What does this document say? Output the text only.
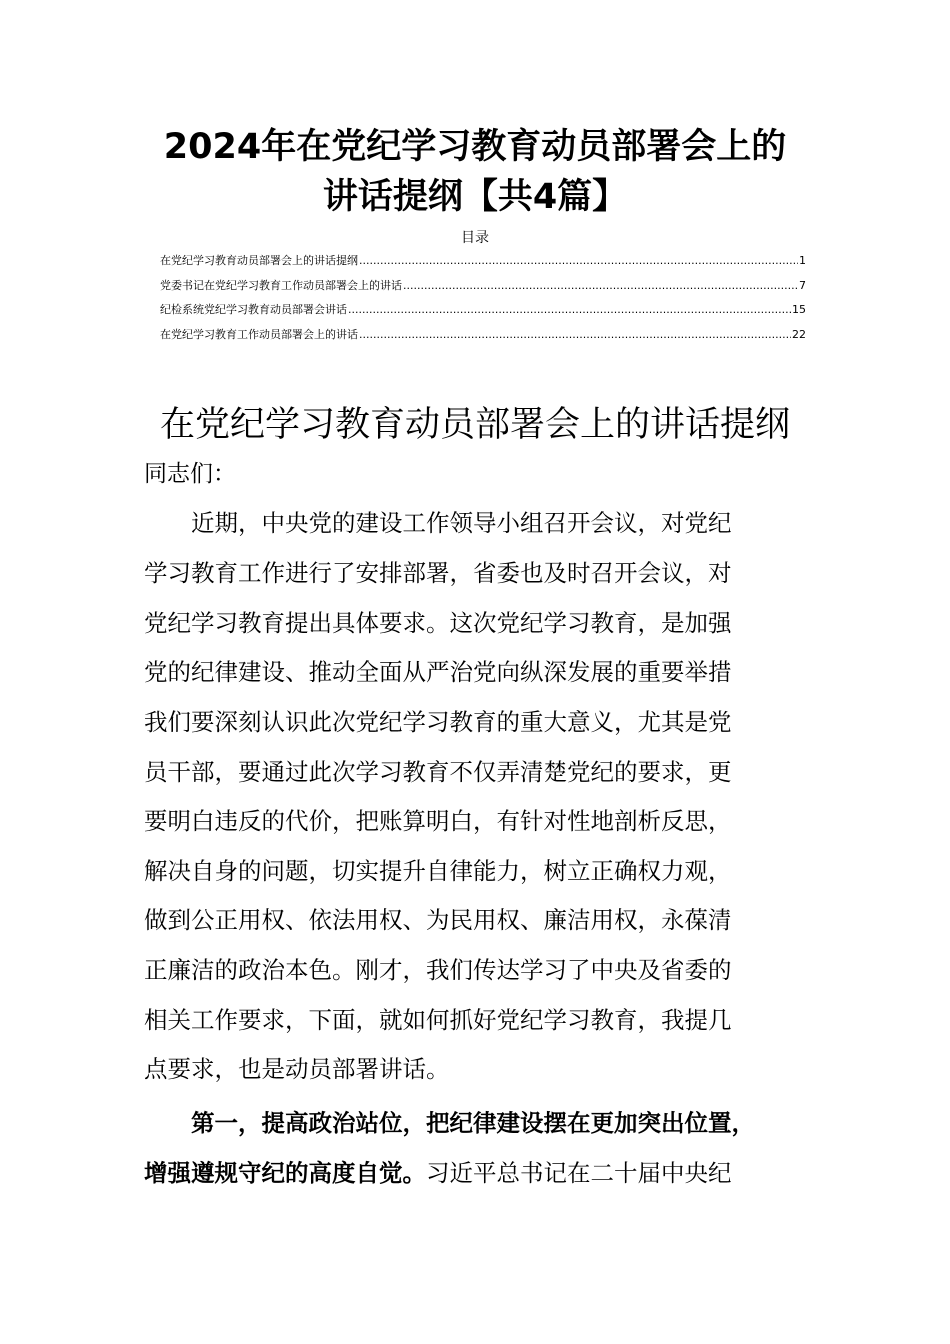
2024年在党纪学习教育动员部署会上的
讲话提纲【共4篇】
目录
在党纪学习教育动员部署会上的讲话提纲 .....	1
党委书记在党纪学习教育工作动员部署会上的讲话 .....	7
纪检系统党纪学习教育动员部署会讲话 .....	15
在党纪学习教育工作动员部署会上的讲话 .....	22
在党纪学习教育动员部署会上的讲话提纲
同志们：
　　近期，中央党的建设工作领导小组召开会议，对党纪
学习教育工作进行了安排部署，省委也及时召开会议，对
党纪学习教育提出具体要求。这次党纪学习教育，是加强
党的纪律建设、推动全面从严治党向纵深发展的重要举措
我们要深刻认识此次党纪学习教育的重大意义，尤其是党
员干部，要通过此次学习教育不仅弄清楚党纪的要求，更
要明白违反的代价，把账算明白，有针对性地剖析反思，
解决自身的问题，切实提升自律能力，树立正确权力观，
做到公正用权、依法用权、为民用权、廉洁用权，永葆清
正廉洁的政治本色。刚才，我们传达学习了中央及省委的
相关工作要求，下面，就如何抓好党纪学习教育，我提几
点要求，也是动员部署讲话。
　　第一，提高政治站位，把纪律建设摆在更加突出位置，
增强遵规守纪的高度自觉。习近平总书记在二十届中央纪
